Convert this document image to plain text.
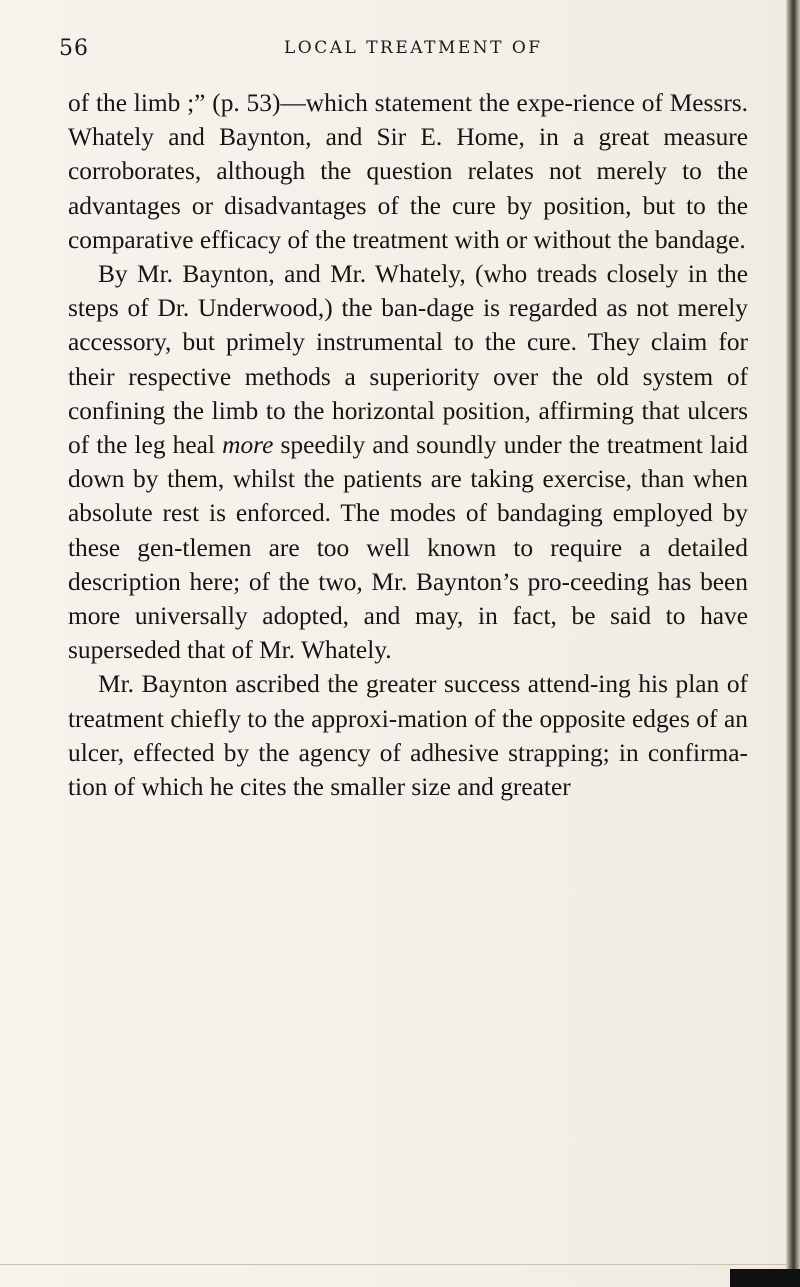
56	LOCAL TREATMENT OF

of the limb ;” (p. 53)—which statement the expe-rience of Messrs. Whately and Baynton, and Sir E. Home, in a great measure corroborates, although the question relates not merely to the advantages or disadvantages of the cure by position, but to the comparative efficacy of the treatment with or without the bandage.

By Mr. Baynton, and Mr. Whately, (who treads closely in the steps of Dr. Underwood,) the ban-dage is regarded as not merely accessory, but primely instrumental to the cure. They claim for their respective methods a superiority over the old system of confining the limb to the horizontal position, affirming that ulcers of the leg heal more speedily and soundly under the treatment laid down by them, whilst the patients are taking exercise, than when absolute rest is enforced. The modes of bandaging employed by these gen-tlemen are too well known to require a detailed description here; of the two, Mr. Baynton’s pro-ceeding has been more universally adopted, and may, in fact, be said to have superseded that of Mr. Whately.

Mr. Baynton ascribed the greater success attend-ing his plan of treatment chiefly to the approxi-mation of the opposite edges of an ulcer, effected by the agency of adhesive strapping; in confirma-tion of which he cites the smaller size and greater
